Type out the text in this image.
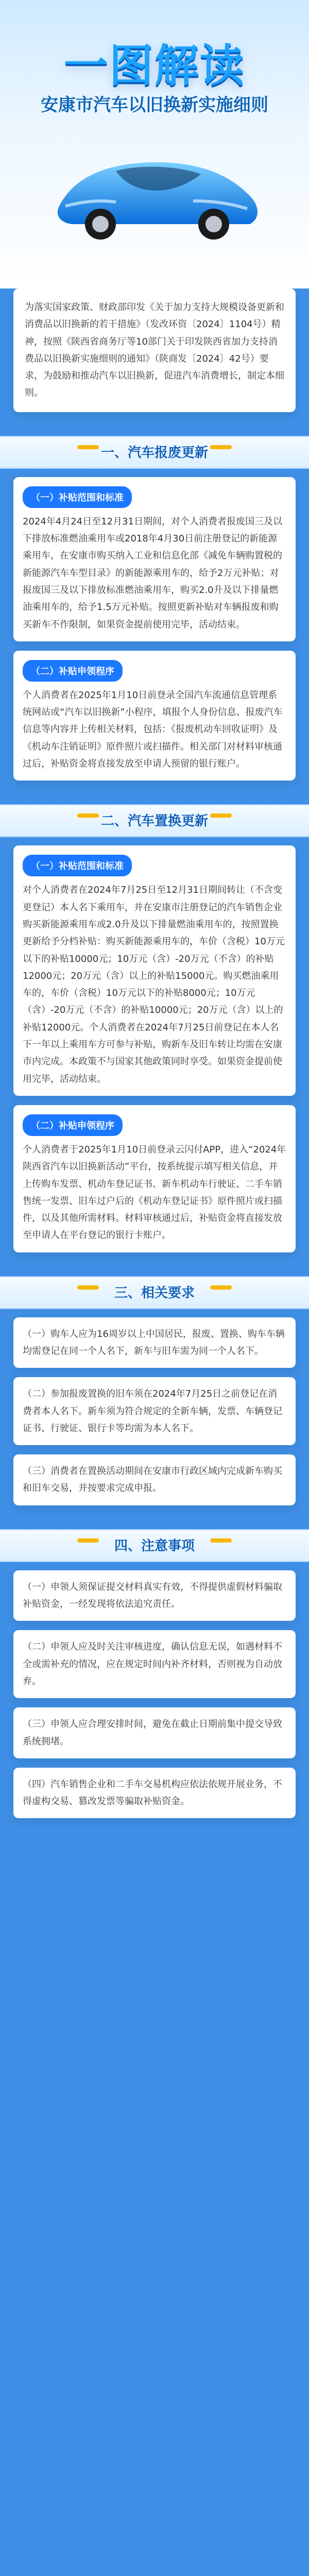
一图解读
安康市汽车以旧换新实施细则

为落实国家政策、财政部印发《关于加力支持大规模设备更新和消费品以旧换新的若干措施》（发改环资〔2024〕1104号）精神，按照《陕西省商务厅等10部门关于印发陕西省加力支持消费品以旧换新实施细则的通知》（陕商发〔2024〕42号）要求，为鼓励和推动汽车以旧换新，促进汽车消费增长，制定本细则。

一、汽车报废更新
（一）补贴范围和标准

2024年4月24日至12月31日期间，对个人消费者报废国三及以下排放标准燃油乘用车或2018年4月30日前注册登记的新能源乘用车，在安康市购买纳入工业和信息化部《减免车辆购置税的新能源汽车车型目录》的新能源乘用车的，给予2万元补贴；对报废国三及以下排放标准燃油乘用车，购买2.0升及以下排量燃油乘用车的，给予1.5万元补贴。按照更新补贴对车辆报废和购买新车不作限制，如果资金提前使用完毕，活动结束。

（二）补贴申领程序

个人消费者在2025年1月10日前登录全国汽车流通信息管理系统网站或“汽车以旧换新”小程序，填报个人身份信息、报废汽车信息等内容并上传相关材料，包括：《报废机动车回收证明》及《机动车注销证明》原件照片或扫描件。相关部门对材料审核通过后，补贴资金将直接发放至申请人预留的银行账户。

二、汽车置换更新
（一）补贴范围和标准

对个人消费者在2024年7月25日至12月31日期间转让（不含变更登记）本人名下乘用车，并在安康市注册登记的汽车销售企业购买新能源乘用车或2.0升及以下排量燃油乘用车的，按照置换更新给予分档补贴：购买新能源乘用车的，车价（含税）10万元以下的补贴10000元；10万元（含）-20万元（不含）的补贴12000元；20万元（含）以上的补贴15000元。购买燃油乘用车的，车价（含税）10万元以下的补贴8000元；10万元（含）-20万元（不含）的补贴10000元；20万元（含）以上的补贴12000元。个人消费者在2024年7月25日前登记在本人名下一年以上乘用车方可参与补贴，购新车及旧车转让均需在安康市内完成。本政策不与国家其他政策同时享受。如果资金提前使用完毕，活动结束。

（二）补贴申领程序

个人消费者于2025年1月10日前登录云闪付APP，进入“2024年陕西省汽车以旧换新活动”平台，按系统提示填写相关信息，并上传购车发票、机动车登记证书、新车机动车行驶证、二手车销售统一发票、旧车过户后的《机动车登记证书》原件照片或扫描件，以及其他所需材料。材料审核通过后，补贴资金将直接发放至申请人在平台登记的银行卡账户。

三、相关要求

（一）购车人应为16周岁以上中国居民，报废、置换、购车车辆均需登记在同一个人名下，新车与旧车需为同一个人名下。

（二）参加报废置换的旧车须在2024年7月25日之前登记在消费者本人名下。新车须为符合规定的全新车辆，发票、车辆登记证书、行驶证、银行卡等均需为本人名下。

（三）消费者在置换活动期间在安康市行政区域内完成新车购买和旧车交易，并按要求完成申报。

四、注意事项

（一）申领人须保证提交材料真实有效，不得提供虚假材料骗取补贴资金，一经发现将依法追究责任。

（二）申领人应及时关注审核进度，确认信息无误，如遇材料不全或需补充的情况，应在规定时间内补齐材料，否则视为自动放弃。

（三）申领人应合理安排时间，避免在截止日期前集中提交导致系统拥堵。

（四）汽车销售企业和二手车交易机构应依法依规开展业务，不得虚构交易、篡改发票等骗取补贴资金。
